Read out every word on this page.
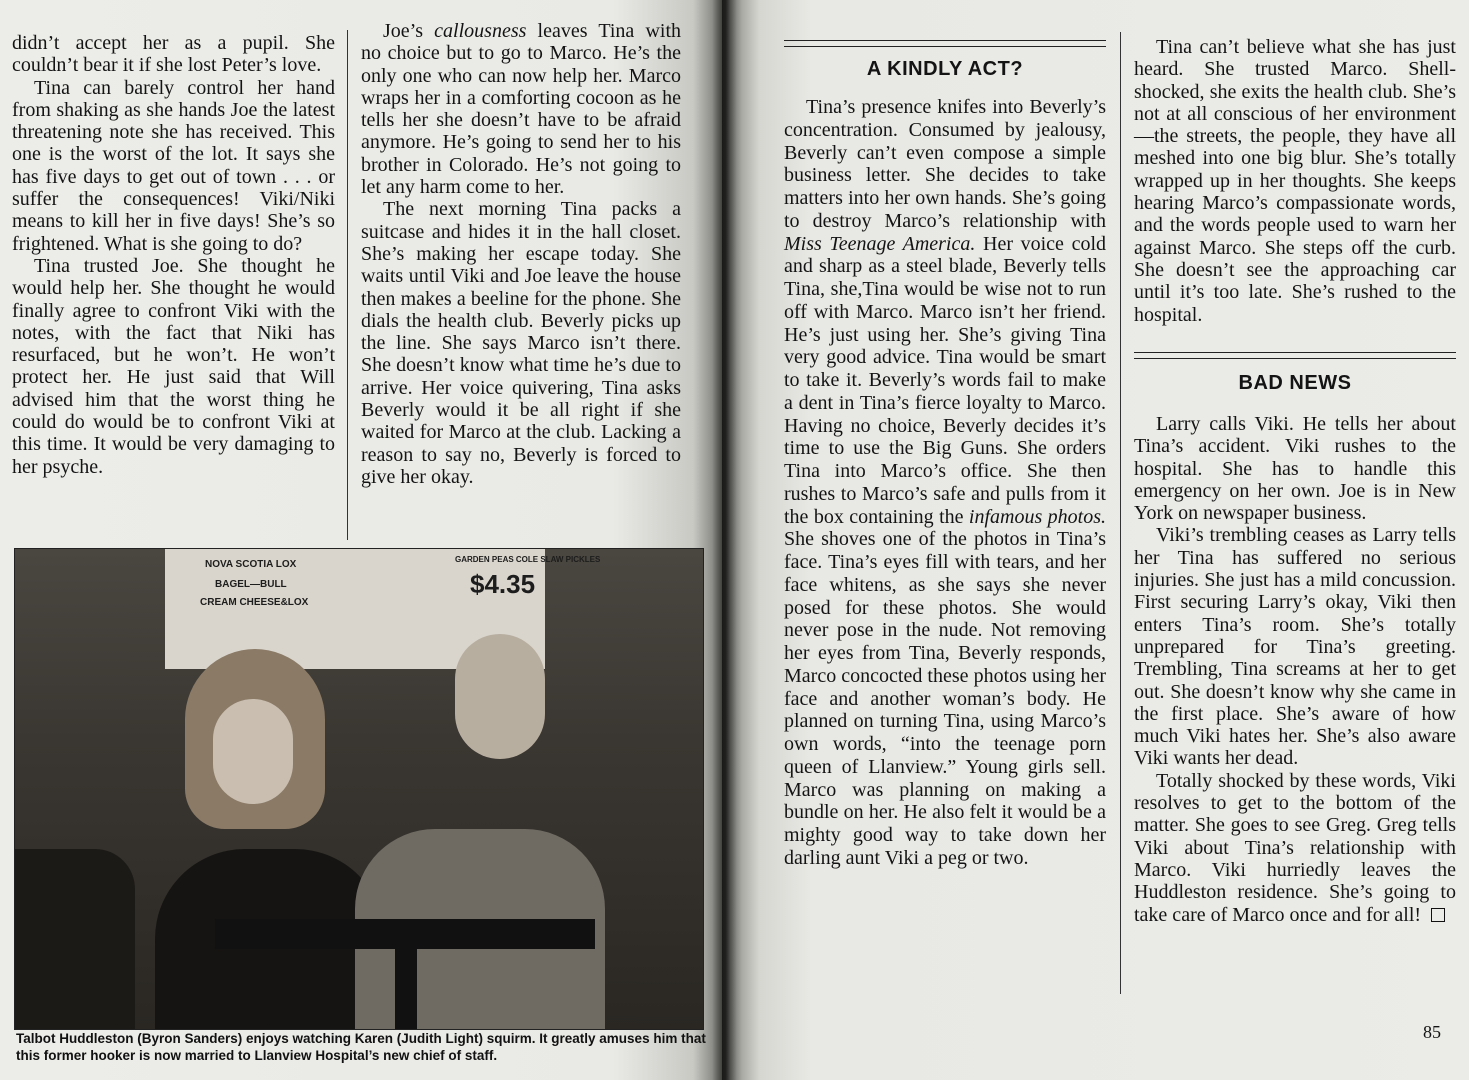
didn’t accept her as a pupil. She couldn’t bear it if she lost Peter’s love.

Tina can barely control her hand from shaking as she hands Joe the latest threatening note she has received. This one is the worst of the lot. It says she has five days to get out of town . . . or suffer the consequences! Viki/Niki means to kill her in five days! She’s so frightened. What is she going to do?

Tina trusted Joe. She thought he would help her. She thought he would finally agree to confront Viki with the notes, with the fact that Niki has resurfaced, but he won’t. He won’t protect her. He just said that Will advised him that the worst thing he could do would be to confront Viki at this time. It would be very damaging to her psyche.

Joe’s callousness leaves Tina with no choice but to go to Marco. He’s the only one who can now help her. Marco wraps her in a comforting cocoon as he tells her she doesn’t have to be afraid anymore. He’s going to send her to his brother in Colorado. He’s not going to let any harm come to her.

The next morning Tina packs a suitcase and hides it in the hall closet. She’s making her escape today. She waits until Viki and Joe leave the house then makes a beeline for the phone. She dials the health club. Beverly picks up the line. She says Marco isn’t there. She doesn’t know what time he’s due to arrive. Her voice quivering, Tina asks Beverly would it be all right if she waited for Marco at the club. Lacking a reason to say no, Beverly is forced to give her okay.

NOVA SCOTIA LOX
BAGEL—BULL
CREAM CHEESE&LOX
GARDEN PEAS COLE SLAW PICKLES
$4.35
Talbot Huddleston (Byron Sanders) enjoys watching Karen (Judith Light) squirm. It greatly amuses him that this former hooker is now married to Llanview Hospital’s new chief of staff.
A KINDLY ACT?

Tina’s presence knifes into Beverly’s concentration. Consumed by jealousy, Beverly can’t even compose a simple business letter. She decides to take matters into her own hands. She’s going to destroy Marco’s relationship with Miss Teenage America. Her voice cold and sharp as a steel blade, Beverly tells Tina, she,Tina would be wise not to run off with Marco. Marco isn’t her friend. He’s just using her. She’s giving Tina very good advice. Tina would be smart to take it. Beverly’s words fail to make a dent in Tina’s fierce loyalty to Marco. Having no choice, Beverly decides it’s time to use the Big Guns. She orders Tina into Marco’s office. She then rushes to Marco’s safe and pulls from it the box containing the infamous photos. She shoves one of the photos in Tina’s face. Tina’s eyes fill with tears, and her face whitens, as she says she never posed for these photos. She would never pose in the nude. Not removing her eyes from Tina, Beverly responds, Marco concocted these photos using her face and another woman’s body. He planned on turning Tina, using Marco’s own words, “into the teenage porn queen of Llanview.” Young girls sell. Marco was planning on making a bundle on her. He also felt it would be a mighty good way to take down her darling aunt Viki a peg or two.

Tina can’t believe what she has just heard. She trusted Marco. Shell-shocked, she exits the health club. She’s not at all conscious of her environment—the streets, the people, they have all meshed into one big blur. She’s totally wrapped up in her thoughts. She keeps hearing Marco’s compassionate words, and the words people used to warn her against Marco. She steps off the curb. She doesn’t see the approaching car until it’s too late. She’s rushed to the hospital.

BAD NEWS

Larry calls Viki. He tells her about Tina’s accident. Viki rushes to the hospital. She has to handle this emergency on her own. Joe is in New York on newspaper business.

Viki’s trembling ceases as Larry tells her Tina has suffered no serious injuries. She just has a mild concussion. First securing Larry’s okay, Viki then enters Tina’s room. She’s totally unprepared for Tina’s greeting. Trembling, Tina screams at her to get out. She doesn’t know why she came in the first place. She’s aware of how much Viki hates her. She’s also aware Viki wants her dead.

Totally shocked by these words, Viki resolves to get to the bottom of the matter. She goes to see Greg. Greg tells Viki about Tina’s relationship with Marco. Viki hurriedly leaves the Huddleston residence. She’s going to take care of Marco once and for all!

85
